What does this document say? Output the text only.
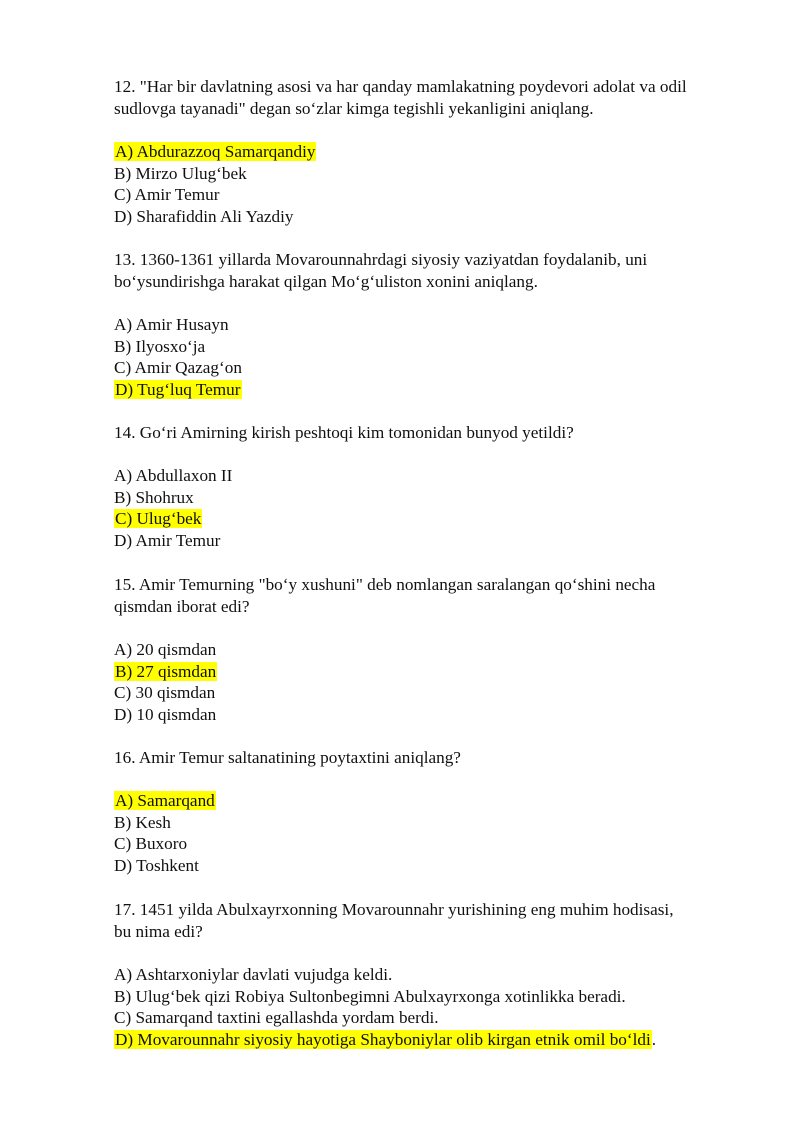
12. "Har bir davlatning asosi va har qanday mamlakatning poydevori adolat va odil
sudlovga tayanadi" degan so‘zlar kimga tegishli yekanligini aniqlang.

A) Abdurazzoq Samarqandiy

B) Mirzo Ulug‘bek

C) Amir Temur

D) Sharafiddin Ali Yazdiy

13. 1360-1361 yillarda Movarounnahrdagi siyosiy vaziyatdan foydalanib, uni
bo‘ysundirishga harakat qilgan Mo‘g‘uliston xonini aniqlang.

A) Amir Husayn

B) Ilyosxo‘ja

C) Amir Qazag‘on

D) Tug‘luq Temur

14. Go‘ri Amirning kirish peshtoqi kim tomonidan bunyod yetildi?

A) Abdullaxon II

B) Shohrux

C) Ulug‘bek

D) Amir Temur

15. Amir Temurning "bo‘y xushuni" deb nomlangan saralangan qo‘shini necha
qismdan iborat edi?

A) 20 qismdan

B) 27 qismdan

C) 30 qismdan

D) 10 qismdan

16. Amir Temur saltanatining poytaxtini aniqlang?

A) Samarqand

B) Kesh

C) Buxoro

D) Toshkent

17. 1451 yilda Abulxayrxonning Movarounnahr yurishining eng muhim hodisasi,
bu nima edi?

A) Ashtarxoniylar davlati vujudga keldi.

B) Ulug‘bek qizi Robiya Sultonbegimni Abulxayrxonga xotinlikka beradi.

C) Samarqand taxtini egallashda yordam berdi.

D) Movarounnahr siyosiy hayotiga Shayboniylar olib kirgan etnik omil bo‘ldi.
